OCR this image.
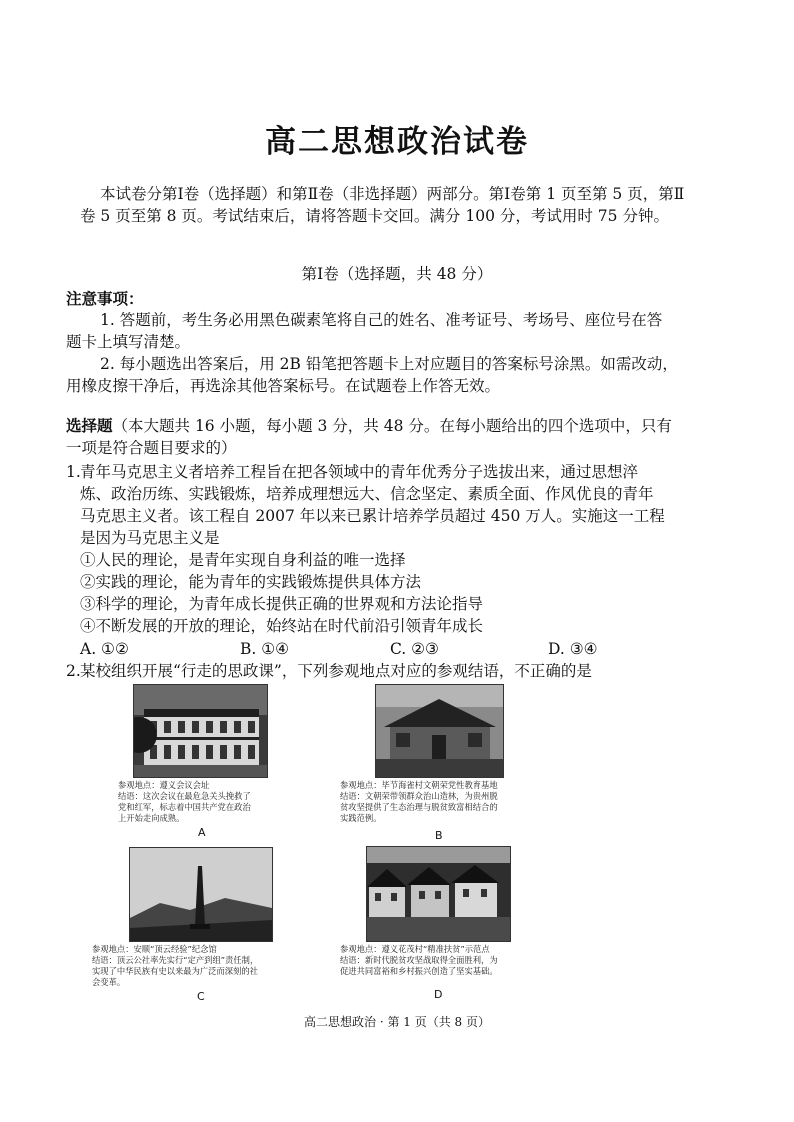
高二思想政治试卷
本试卷分第Ⅰ卷（选择题）和第Ⅱ卷（非选择题）两部分。第Ⅰ卷第 1 页至第 5 页，第Ⅱ
卷 5 页至第 8 页。考试结束后，请将答题卡交回。满分 100 分，考试用时 75 分钟。
第Ⅰ卷（选择题，共 48 分）
注意事项：
1. 答题前，考生务必用黑色碳素笔将自己的姓名、准考证号、考场号、座位号在答
题卡上填写清楚。
2. 每小题选出答案后，用 2B 铅笔把答题卡上对应题目的答案标号涂黑。如需改动，
用橡皮擦干净后，再选涂其他答案标号。在试题卷上作答无效。
选择题（本大题共 16 小题，每小题 3 分，共 48 分。在每小题给出的四个选项中，只有
一项是符合题目要求的）
1. 青年马克思主义者培养工程旨在把各领域中的青年优秀分子选拔出来，通过思想淬
炼、政治历练、实践锻炼，培养成理想远大、信念坚定、素质全面、作风优良的青年
马克思主义者。该工程自 2007 年以来已累计培养学员超过 450 万人。实施这一工程
是因为马克思主义是
①人民的理论，是青年实现自身利益的唯一选择
②实践的理论，能为青年的实践锻炼提供具体方法
③科学的理论，为青年成长提供正确的世界观和方法论指导
④不断发展的开放的理论，始终站在时代前沿引领青年成长
A. ①②	B. ①④	C. ②③	D. ③④
2. 某校组织开展“行走的思政课”，下列参观地点对应的参观结语，不正确的是
参观地点：遵义会议会址
结语：这次会议在最危急关头挽救了
党和红军，标志着中国共产党在政治
上开始走向成熟。
A
参观地点：毕节海雀村文朝荣党性教育基地
结语：文朝荣带领群众治山造林，为贵州脱
贫攻坚提供了生态治理与脱贫致富相结合的
实践范例。
B
参观地点：安顺“顶云经验”纪念馆
结语：顶云公社率先实行“定产到组”责任制，
实现了中华民族有史以来最为广泛而深刻的社
会变革。
C
参观地点：遵义花茂村“精准扶贫”示范点
结语：新时代脱贫攻坚战取得全面胜利，为
促进共同富裕和乡村振兴创造了坚实基础。
D
高二思想政治 · 第 1 页（共 8 页）
